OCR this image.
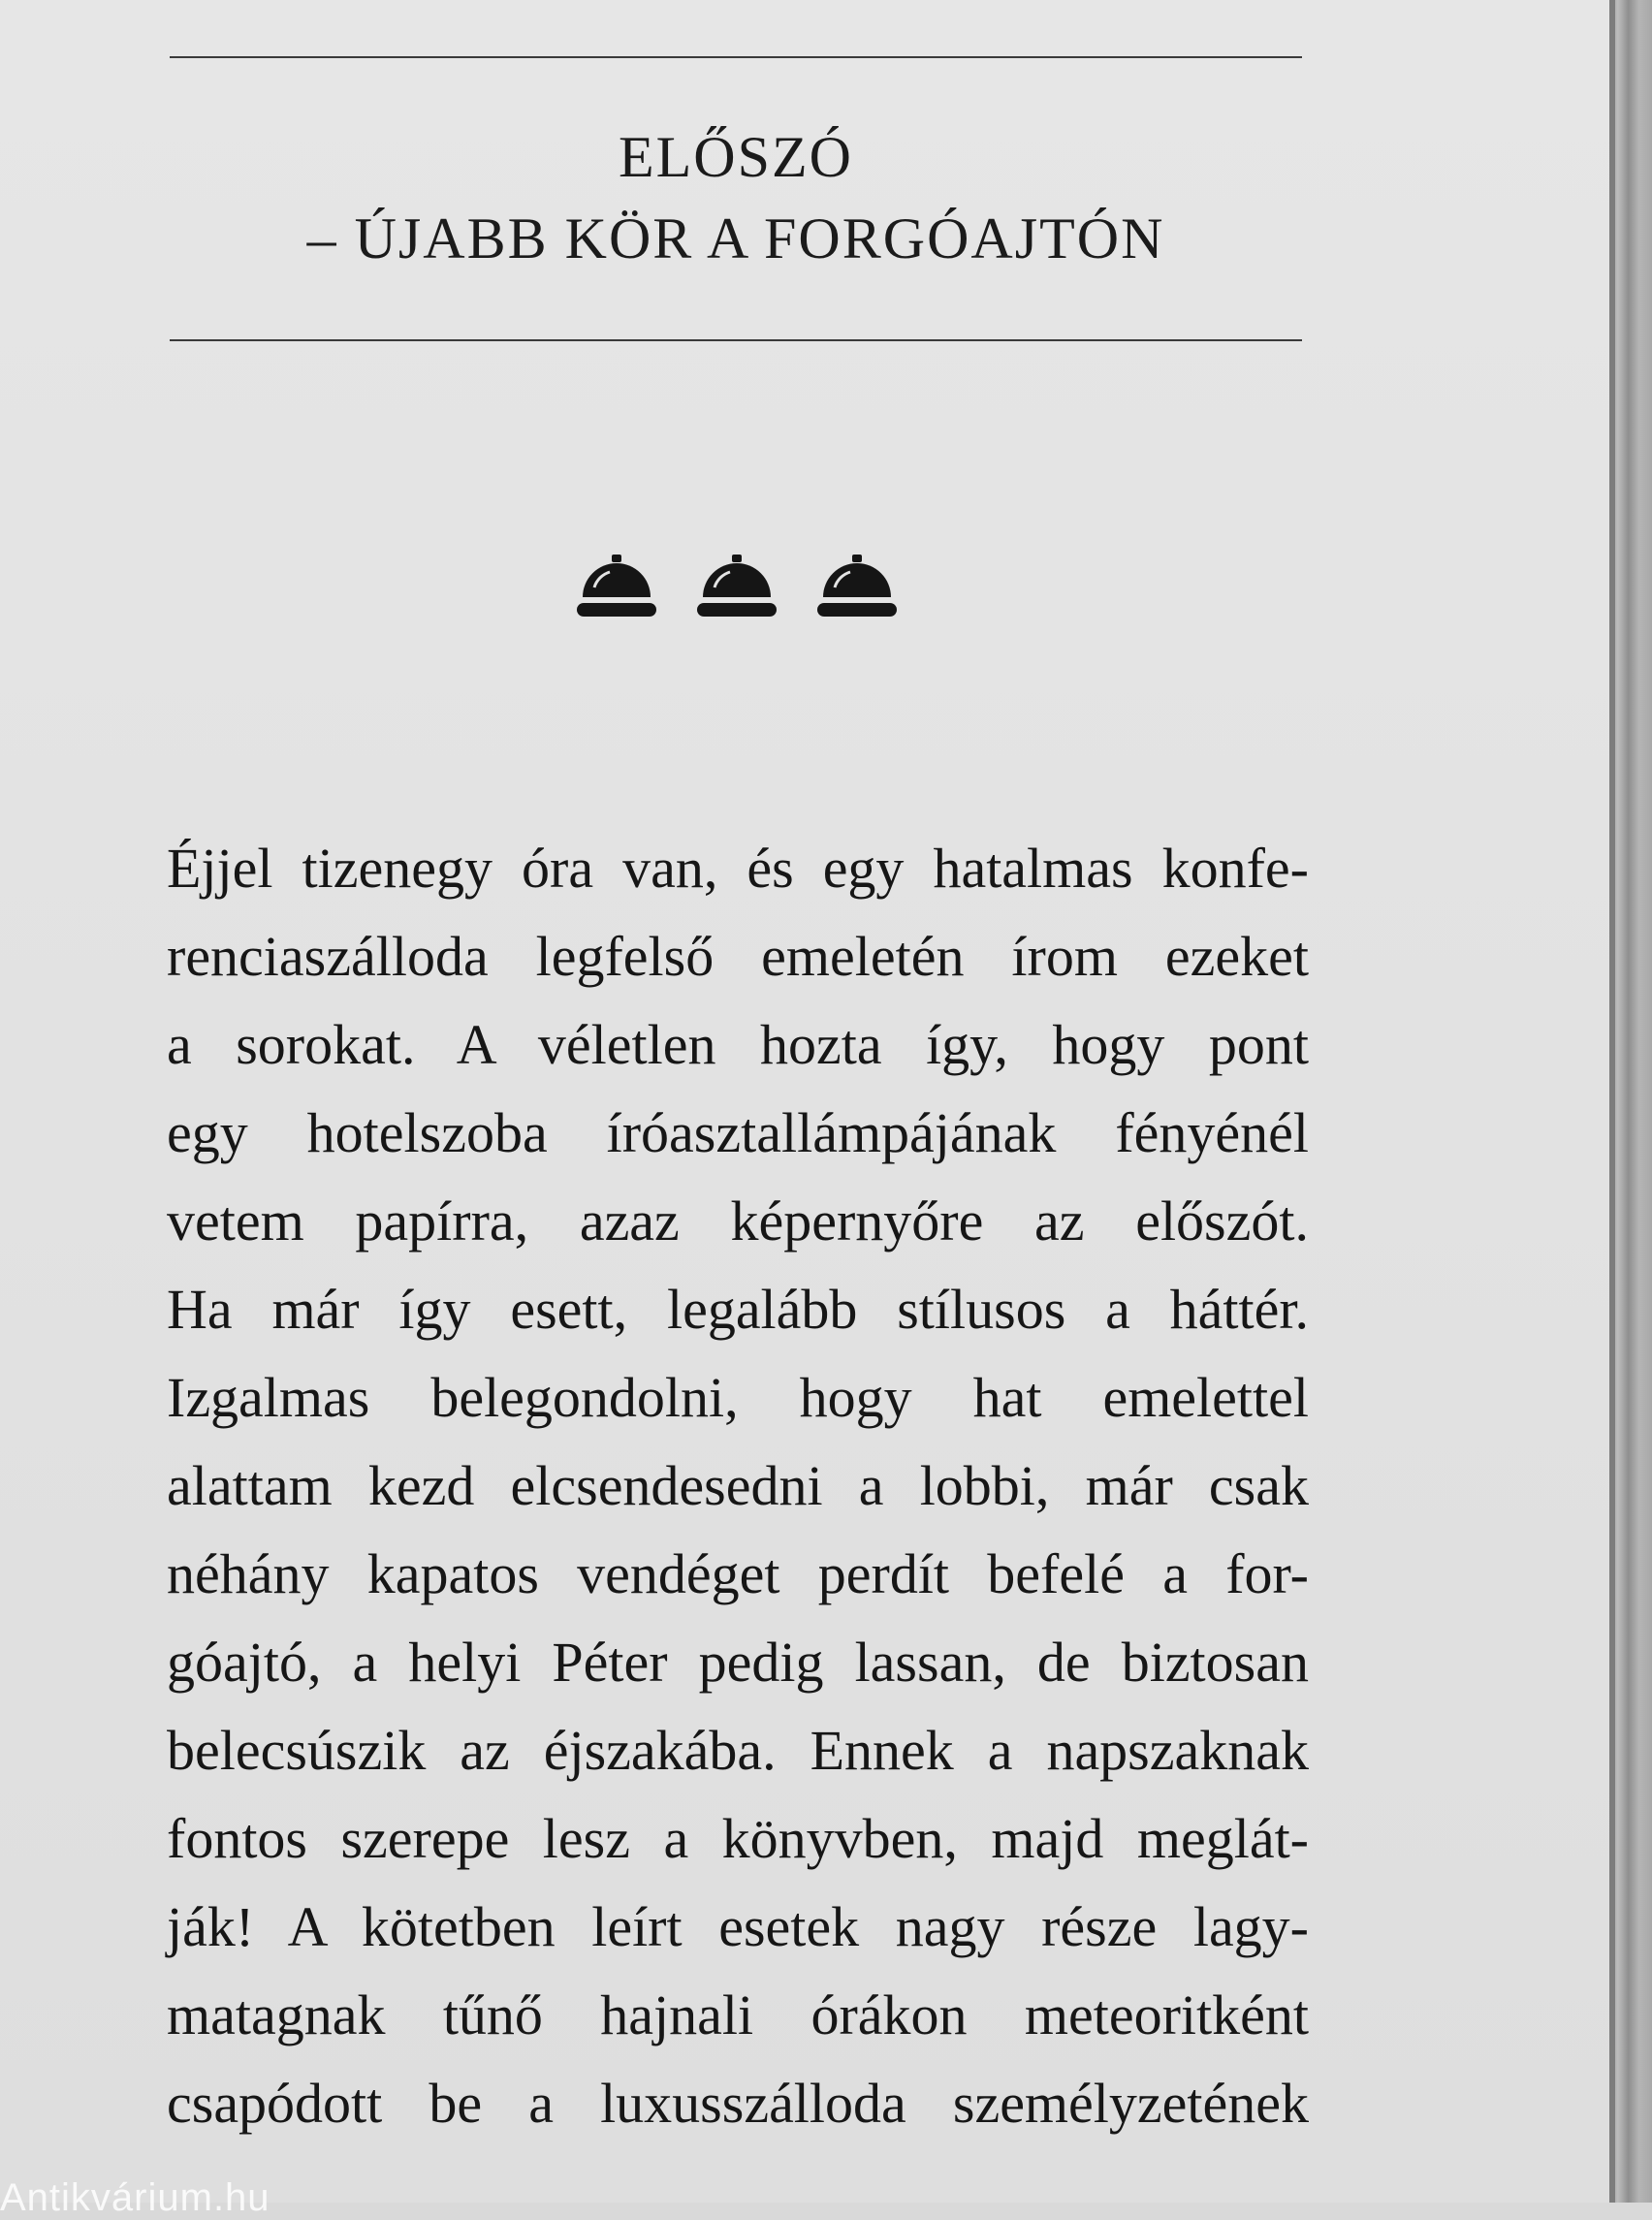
ELŐSZÓ
– ÚJABB KÖR A FORGÓAJTÓN
Éjjel tizenegy óra van, és egy hatalmas konfe-
renciaszálloda legfelső emeletén írom ezeket
a sorokat. A véletlen hozta így, hogy pont
egy hotelszoba íróasztallámpájának fényénél
vetem papírra, azaz képernyőre az előszót.
Ha már így esett, legalább stílusos a háttér.
Izgalmas belegondolni, hogy hat emelettel
alattam kezd elcsendesedni a lobbi, már csak
néhány kapatos vendéget perdít befelé a for-
góajtó, a helyi Péter pedig lassan, de biztosan
belecsúszik az éjszakába. Ennek a napszaknak
fontos szerepe lesz a könyvben, majd meglát-
ják! A kötetben leírt esetek nagy része lagy-
matagnak tűnő hajnali órákon meteoritként
csapódott be a luxusszálloda személyzetének
Antikvárium.hu
